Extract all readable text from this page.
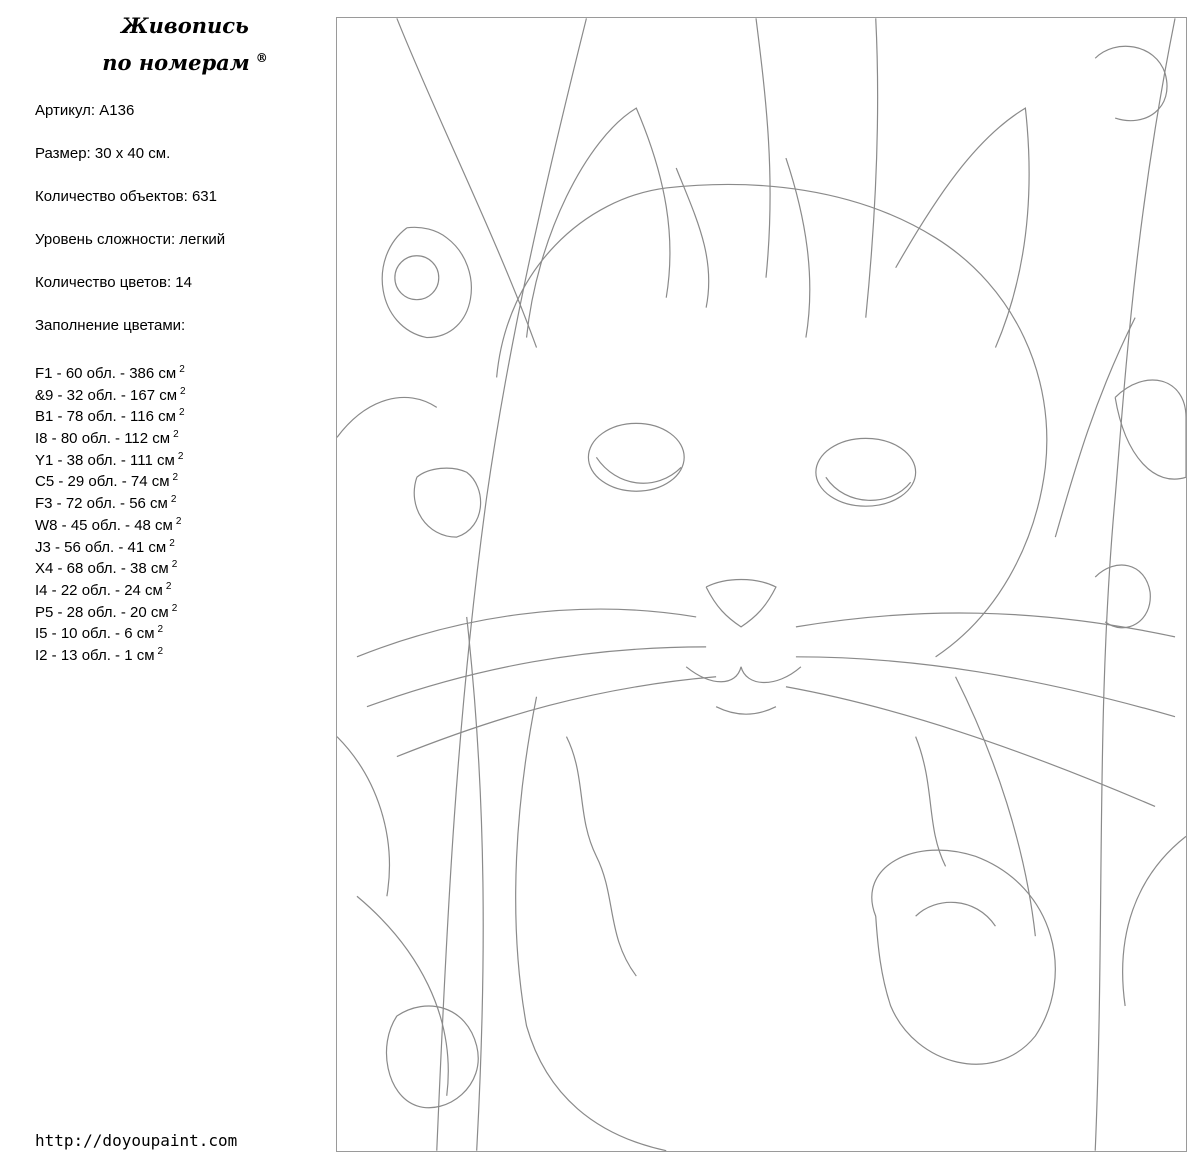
Живопись
по номерам ®
Артикул: A136
Размер: 30 х 40 см.
Количество объектов: 631
Уровень сложности: легкий
Количество цветов: 14
Заполнение цветами:
F1 - 60 обл. - 386 см $^2$
&9 - 32 обл. - 167 см $^2$
B1 - 78 обл. - 116 см $^2$
I8 - 80 обл. - 112 см $^2$
Y1 - 38 обл. - 111 см $^2$
C5 - 29 обл. - 74 см $^2$
F3 - 72 обл. - 56 см $^2$
W8 - 45 обл. - 48 см $^2$
J3 - 56 обл. - 41 см $^2$
X4 - 68 обл. - 38 см $^2$
I4 - 22 обл. - 24 см $^2$
P5 - 28 обл. - 20 см $^2$
I5 - 10 обл. - 6 см $^2$
I2 - 13 обл. - 1 см $^2$
http://doyoupaint.com
